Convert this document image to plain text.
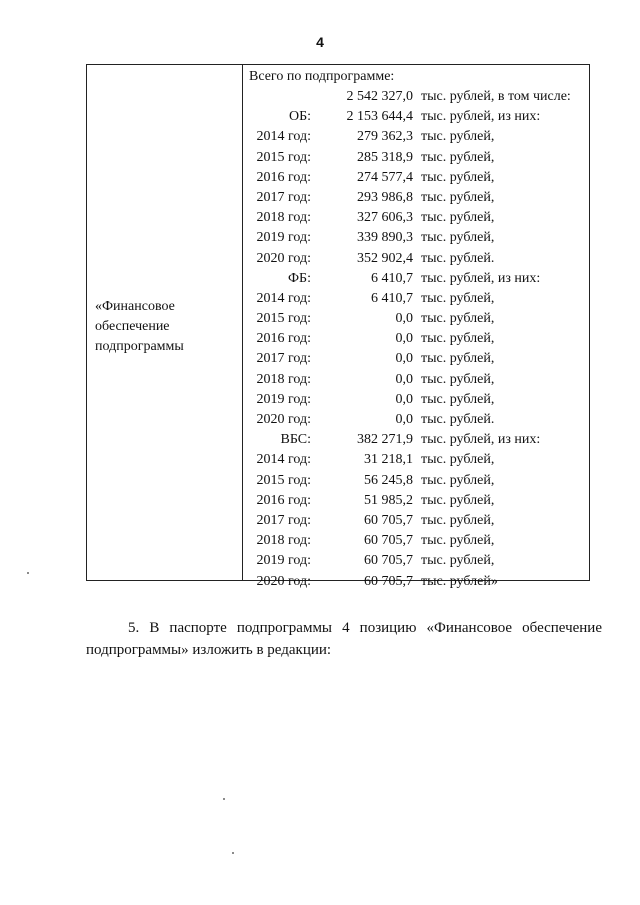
4
«Финансовое
обеспечение
подпрограммы
Всего по подпрограмме:
2 542 327,0 тыс. рублей, в том числе:
ОБ:	2 153 644,4 тыс. рублей, из них:
2014 год:	279 362,3 тыс. рублей,
2015 год:	285 318,9 тыс. рублей,
2016 год:	274 577,4 тыс. рублей,
2017 год:	293 986,8 тыс. рублей,
2018 год:	327 606,3 тыс. рублей,
2019 год:	339 890,3 тыс. рублей,
2020 год:	352 902,4 тыс. рублей.
ФБ:	6 410,7 тыс. рублей, из них:
2014 год:	6 410,7 тыс. рублей,
2015 год:	0,0 тыс. рублей,
2016 год:	0,0 тыс. рублей,
2017 год:	0,0 тыс. рублей,
2018 год:	0,0 тыс. рублей,
2019 год:	0,0 тыс. рублей,
2020 год:	0,0 тыс. рублей.
ВБС:	382 271,9 тыс. рублей, из них:
2014 год:	31 218,1 тыс. рублей,
2015 год:	56 245,8 тыс. рублей,
2016 год:	51 985,2 тыс. рублей,
2017 год:	60 705,7 тыс. рублей,
2018 год:	60 705,7 тыс. рублей,
2019 год:	60 705,7 тыс. рублей,
2020 год:	60 705,7 тыс. рублей»
5. В паспорте подпрограммы 4 позицию «Финансовое обеспечение
подпрограммы» изложить в редакции:
